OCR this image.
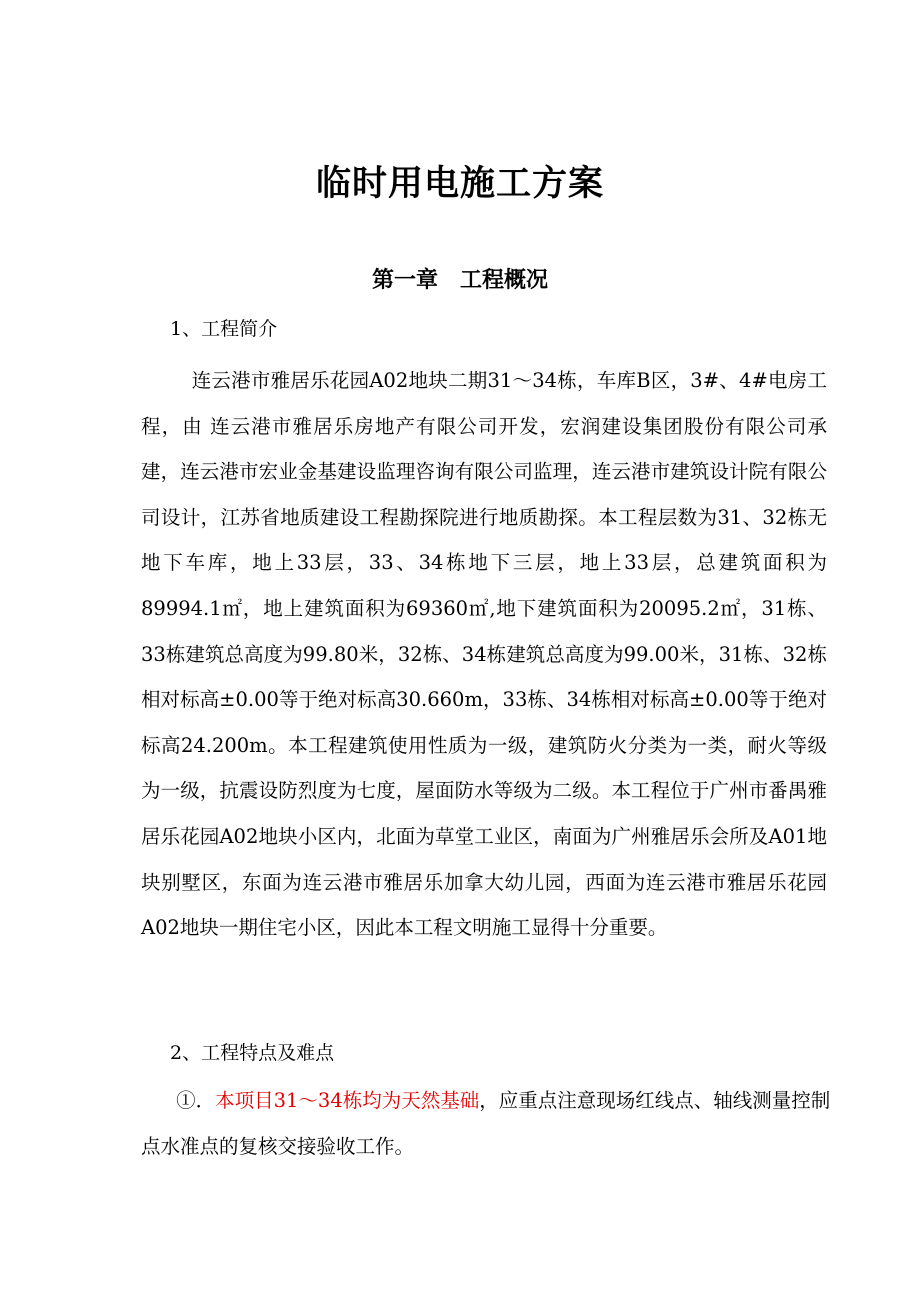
临时用电施工方案
第一章　工程概况
1、工程简介
连云港市雅居乐花园A02地块二期31～34栋，车库B区，3#、4#电房工程，由 连云港市雅居乐房地产有限公司开发，宏润建设集团股份有限公司承建，连云港市宏业金基建设监理咨询有限公司监理，连云港市建筑设计院有限公司设计，江苏省地质建设工程勘探院进行地质勘探。本工程层数为31、32栋无地下车库，地上33层，33、34栋地下三层，地上33层，总建筑面积为89994.1㎡，地上建筑面积为69360㎡,地下建筑面积为20095.2㎡，31栋、33栋建筑总高度为99.80米，32栋、34栋建筑总高度为99.00米，31栋、32栋相对标高±0.00等于绝对标高30.660m，33栋、34栋相对标高±0.00等于绝对标高24.200m。本工程建筑使用性质为一级，建筑防火分类为一类，耐火等级为一级，抗震设防烈度为七度，屋面防水等级为二级。本工程位于广州市番禺雅居乐花园A02地块小区内，北面为草堂工业区，南面为广州雅居乐会所及A01地块别墅区，东面为连云港市雅居乐加拿大幼儿园，西面为连云港市雅居乐花园A02地块一期住宅小区，因此本工程文明施工显得十分重要。
2、工程特点及难点
①．本项目31～34栋均为天然基础，应重点注意现场红线点、轴线测量控制点水准点的复核交接验收工作。
